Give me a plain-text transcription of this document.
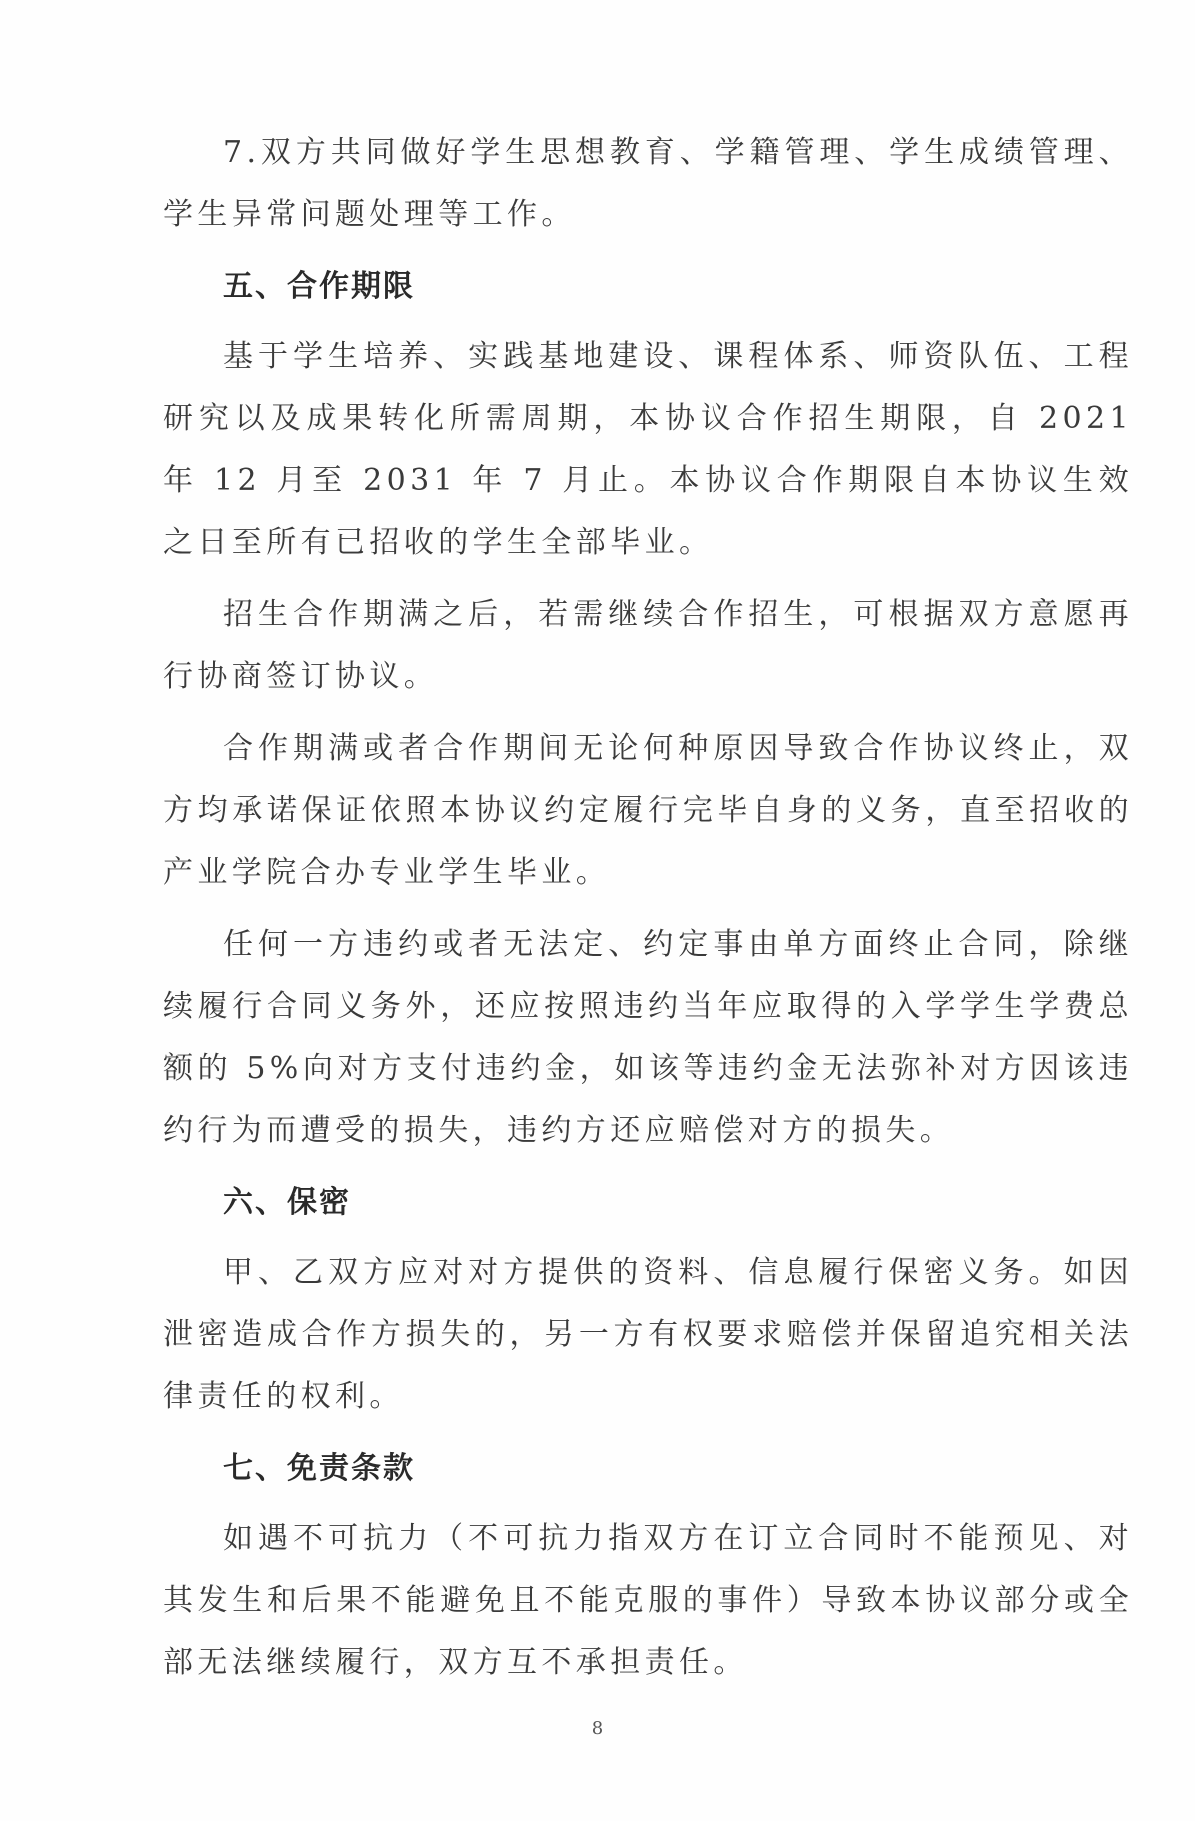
7.双方共同做好学生思想教育、学籍管理、学生成绩管理、学生异常问题处理等工作。

五、合作期限

基于学生培养、实践基地建设、课程体系、师资队伍、工程研究以及成果转化所需周期，本协议合作招生期限，自 2021 年 12 月至 2031 年 7 月止。本协议合作期限自本协议生效之日至所有已招收的学生全部毕业。

招生合作期满之后，若需继续合作招生，可根据双方意愿再行协商签订协议。

合作期满或者合作期间无论何种原因导致合作协议终止，双方均承诺保证依照本协议约定履行完毕自身的义务，直至招收的产业学院合办专业学生毕业。

任何一方违约或者无法定、约定事由单方面终止合同，除继续履行合同义务外，还应按照违约当年应取得的入学学生学费总额的 5%向对方支付违约金，如该等违约金无法弥补对方因该违约行为而遭受的损失，违约方还应赔偿对方的损失。

六、保密

甲、乙双方应对对方提供的资料、信息履行保密义务。如因泄密造成合作方损失的，另一方有权要求赔偿并保留追究相关法律责任的权利。

七、免责条款

如遇不可抗力（不可抗力指双方在订立合同时不能预见、对其发生和后果不能避免且不能克服的事件）导致本协议部分或全部无法继续履行，双方互不承担责任。

8
